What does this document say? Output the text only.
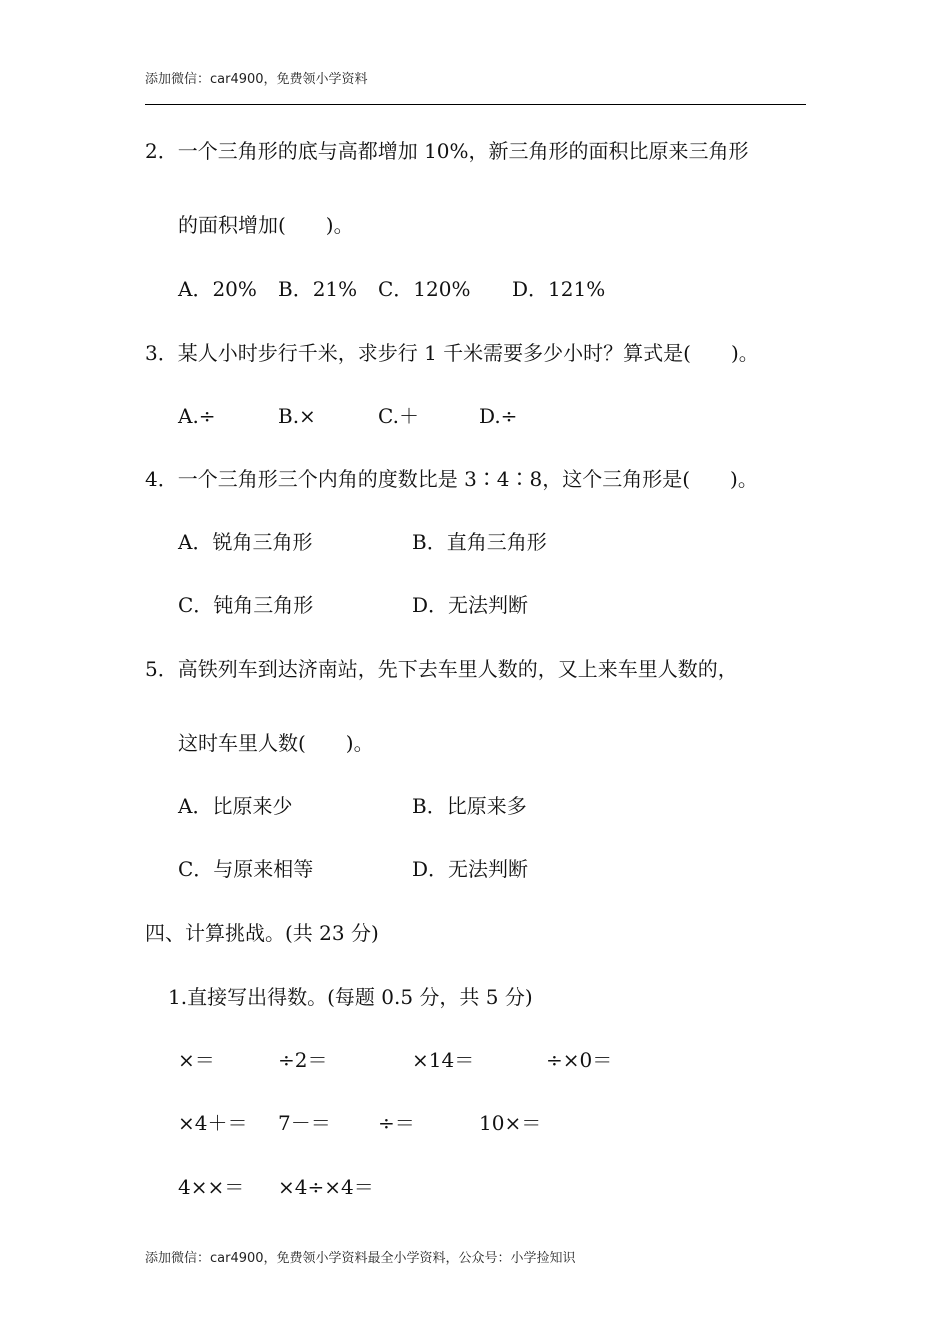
添加微信：car4900，免费领小学资料
2．一个三角形的底与高都增加 10%，新三角形的面积比原来三角形
的面积增加(　　)。
A．20% B．21% C．120% D．121%
3．某人小时步行千米，求步行 1 千米需要多少小时？算式是(　　)。
A.÷	B.×	C.＋	D.÷
4．一个三角形三个内角的度数比是 3∶4∶8，这个三角形是(　　)。
A．锐角三角形	B．直角三角形
C．钝角三角形	D．无法判断
5．高铁列车到达济南站，先下去车里人数的，又上来车里人数的，
这时车里人数(　　)。
A．比原来少	B．比原来多
C．与原来相等	D．无法判断
四、计算挑战。(共 23 分)
1.直接写出得数。(每题 0.5 分，共 5 分)
×＝	÷2＝	×14＝	÷×0＝
×4＋＝ 7－＝ ÷＝	10×＝
4××＝ ×4÷×4＝
添加微信：car4900，免费领小学资料最全小学资料，公众号：小学捡知识
